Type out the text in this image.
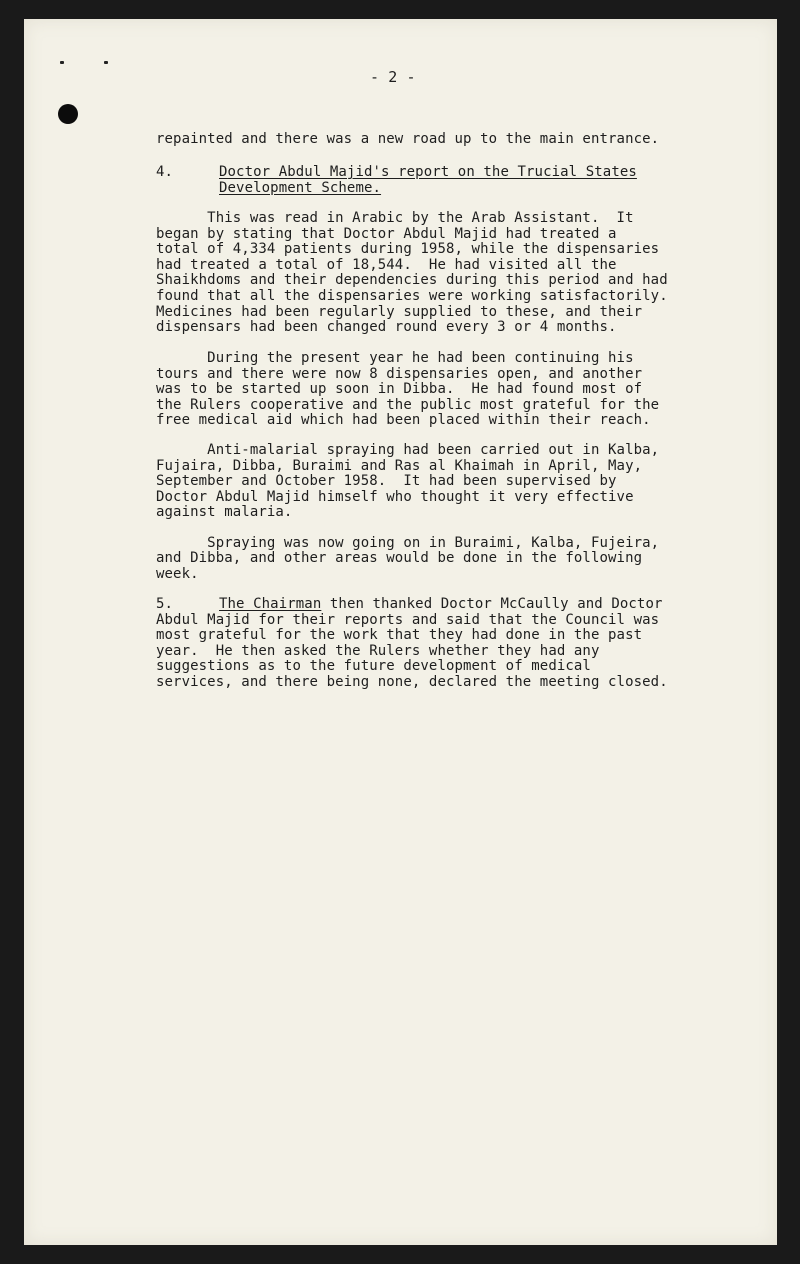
- 2 -
repainted and there was a new road up to the main entrance.
4.	Doctor Abdul Majid's report on the Trucial States
Development Scheme.
This was read in Arabic by the Arab Assistant.  It
began by stating that Doctor Abdul Majid had treated a
total of 4,334 patients during 1958, while the dispensaries
had treated a total of 18,544.  He had visited all the
Shaikhdoms and their dependencies during this period and had
found that all the dispensaries were working satisfactorily.
Medicines had been regularly supplied to these, and their
dispensars had been changed round every 3 or 4 months.
During the present year he had been continuing his
tours and there were now 8 dispensaries open, and another
was to be started up soon in Dibba.  He had found most of
the Rulers cooperative and the public most grateful for the
free medical aid which had been placed within their reach.
Anti-malarial spraying had been carried out in Kalba,
Fujaira, Dibba, Buraimi and Ras al Khaimah in April, May,
September and October 1958.  It had been supervised by
Doctor Abdul Majid himself who thought it very effective
against malaria.
Spraying was now going on in Buraimi, Kalba, Fujeira,
and Dibba, and other areas would be done in the following
week.
5.	The Chairman then thanked Doctor McCaully and Doctor
Abdul Majid for their reports and said that the Council was
most grateful for the work that they had done in the past
year.  He then asked the Rulers whether they had any
suggestions as to the future development of medical
services, and there being none, declared the meeting closed.
